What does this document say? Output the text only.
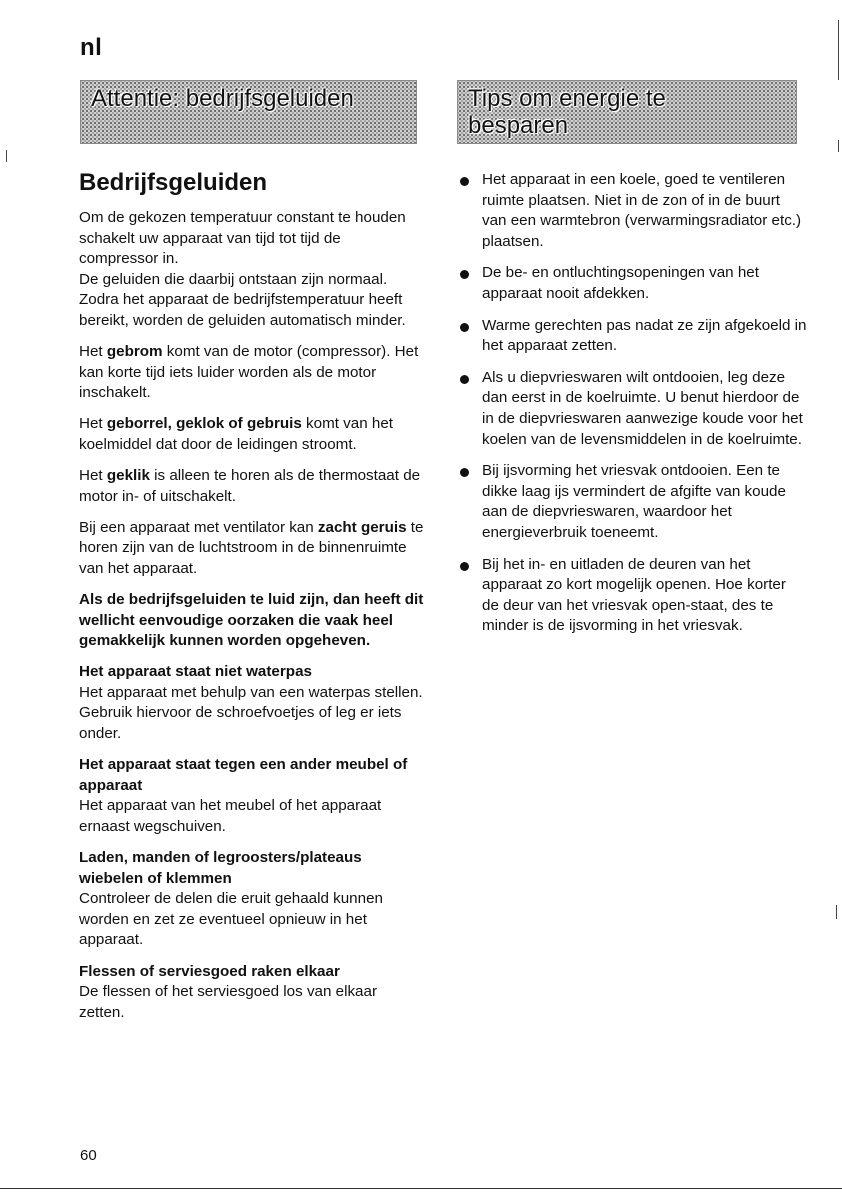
nl
Attentie: bedrijfsgeluiden	Tips om energie te
besparen
Bedrijfsgeluiden

Om de gekozen temperatuur constant te houden schakelt uw apparaat van tijd tot tijd de compressor in.

De geluiden die daarbij ontstaan zijn normaal.

Zodra het apparaat de bedrijfstemperatuur heeft bereikt, worden de geluiden automatisch minder.

Het gebrom komt van de motor (compressor). Het kan korte tijd iets luider worden als de motor inschakelt.

Het geborrel, geklok of gebruis komt van het koelmiddel dat door de leidingen stroomt.

Het geklik is alleen te horen als de thermostaat de motor in- of uitschakelt.

Bij een apparaat met ventilator kan zacht geruis te horen zijn van de luchtstroom in de binnenruimte van het apparaat.

Als de bedrijfsgeluiden te luid zijn, dan heeft dit wellicht eenvoudige oorzaken die vaak heel gemakkelijk kunnen worden opgeheven.

Het apparaat staat niet waterpas
Het apparaat met behulp van een waterpas stellen. Gebruik hiervoor de schroefvoetjes of leg er iets onder.
Het apparaat staat tegen een ander meubel of apparaat
Het apparaat van het meubel of het apparaat ernaast wegschuiven.
Laden, manden of legroosters/plateaus wiebelen of klemmen
Controleer de delen die eruit gehaald kunnen worden en zet ze eventueel opnieuw in het apparaat.
Flessen of serviesgoed raken elkaar
De flessen of het serviesgoed los van elkaar zetten.
Het apparaat in een koele, goed te ventileren ruimte plaatsen. Niet in de zon of in de buurt van een warmtebron (verwarmingsradiator etc.) plaatsen.
De be- en ontluchtingsopeningen van het apparaat nooit afdekken.
Warme gerechten pas nadat ze zijn afgekoeld in het apparaat zetten.
Als u diepvrieswaren wilt ontdooien, leg deze dan eerst in de koelruimte. U benut hierdoor de in de diepvrieswaren aanwezige koude voor het koelen van de levensmiddelen in de koelruimte.
Bij ijsvorming het vriesvak ontdooien. Een te dikke laag ijs vermindert de afgifte van koude aan de diepvrieswaren, waardoor het energieverbruik toeneemt.
Bij het in- en uitladen de deuren van het apparaat zo kort mogelijk openen. Hoe korter de deur van het vriesvak open-staat, des te minder is de ijsvorming in het vriesvak.
60
